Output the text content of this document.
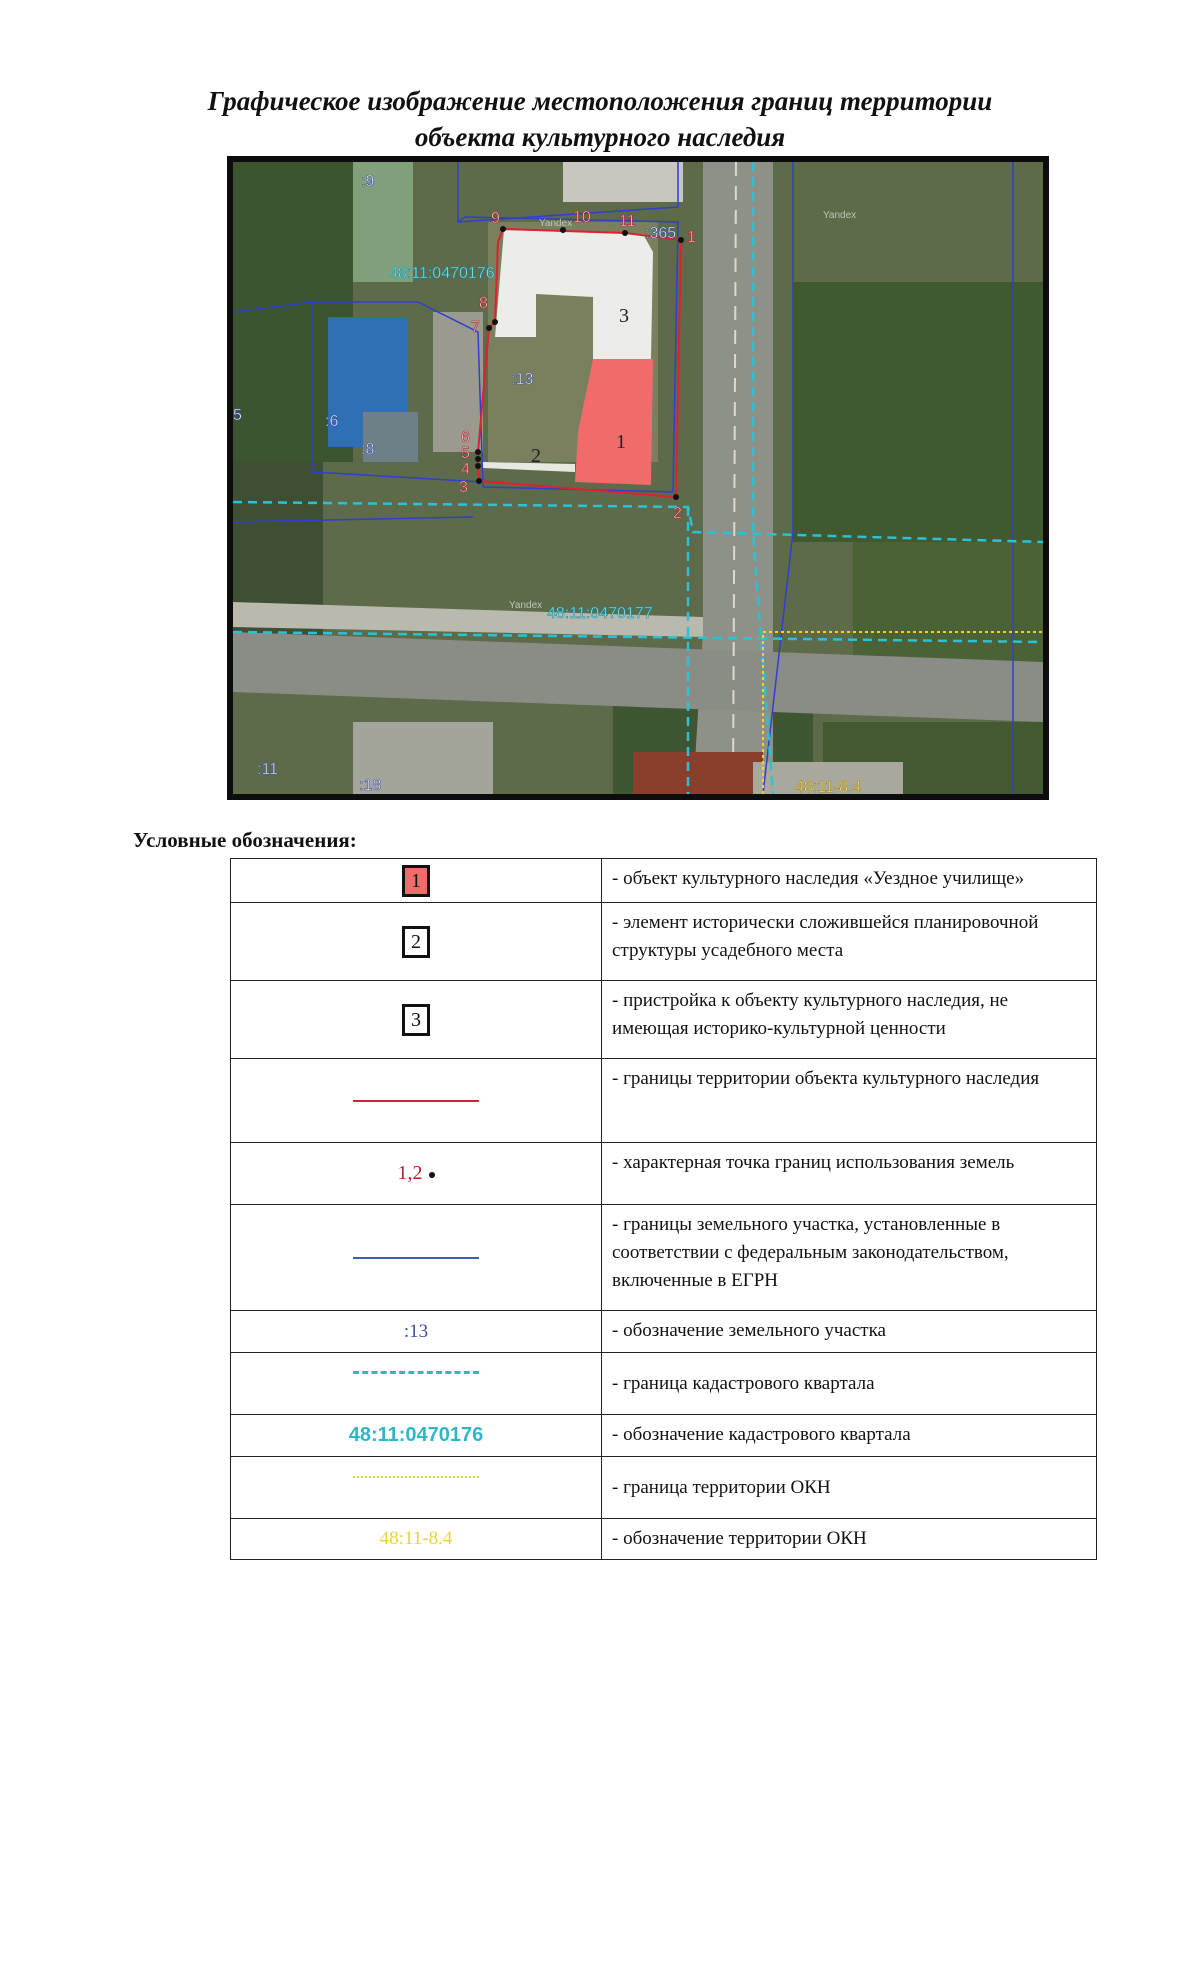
Графическое изображение местоположения границ территории
объекта культурного наследия
1
2
3
4
5
6
7
8
9	10 11
1
2
3
:9
:365
:13
:6
:8
5
:11
:18
48:11:0470176
48:11:0470177
48:11-8.4
Yandex
Yandex
Yandex
Условные обозначения:
1	- объект культурного наследия «Уездное училище»
2	- элемент исторически сложившейся планировочной структуры усадебного места
3	- пристройка к объекту культурного наследия, не имеющая историко-культурной ценности
	- границы территории объекта культурного наследия
1,2	- характерная точка границ использования земель
	- границы земельного участка, установленные в соответствии с федеральным законодательством, включенные в ЕГРН
:13	- обозначение земельного участка
	- граница кадастрового квартала
48:11:0470176	- обозначение кадастрового квартала
	- граница территории ОКН
48:11-8.4	- обозначение территории ОКН
